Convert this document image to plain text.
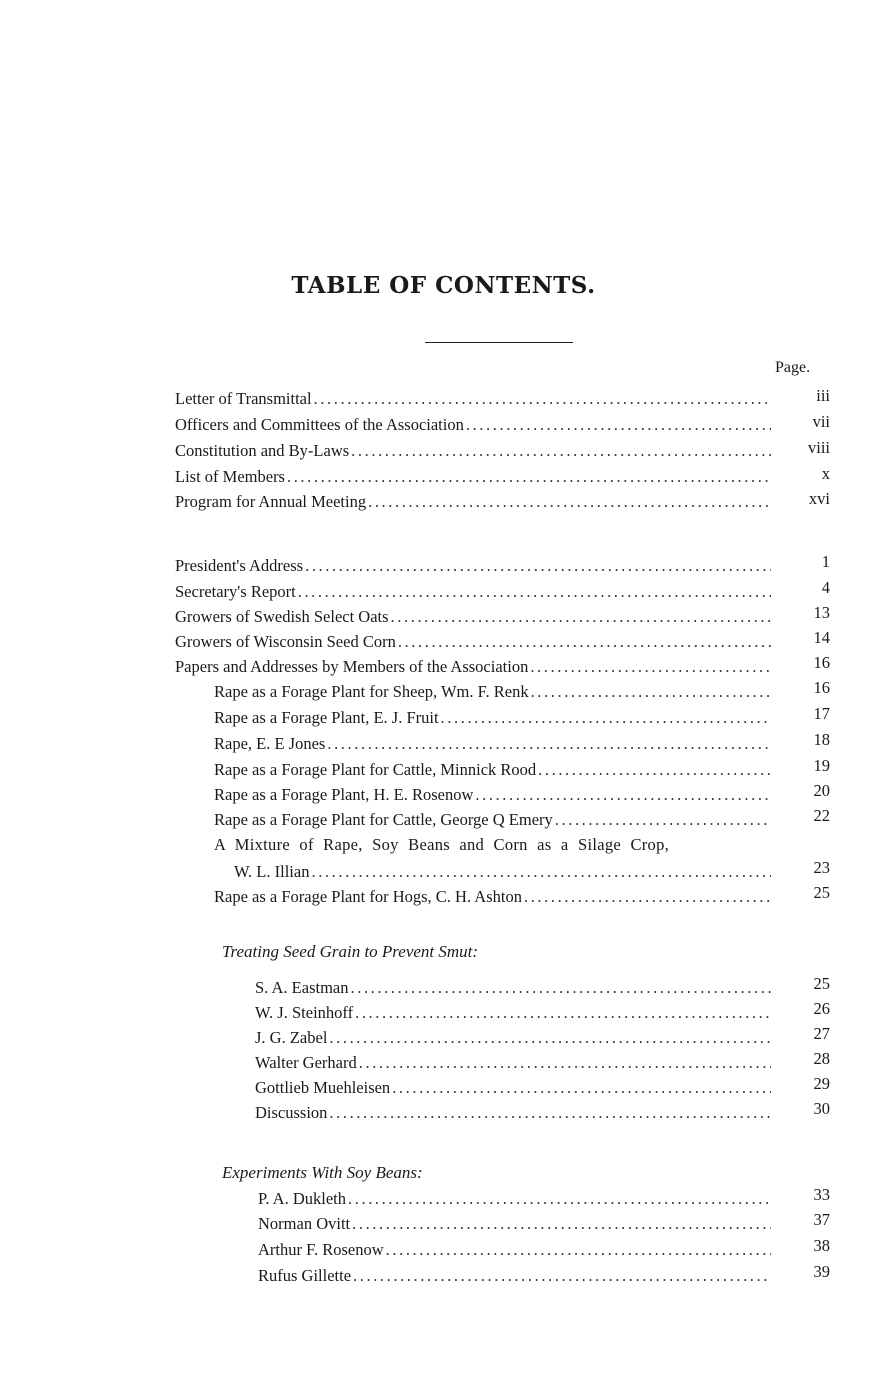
TABLE OF CONTENTS.
Page.
Letter of Transmittal .....	iii
Officers and Committees of the Association .....	vii
Constitution and By-Laws .....	viii
List of Members .....	x
Program for Annual Meeting .....	xvi
President's Address .....	1
Secretary's Report .....	4
Growers of Swedish Select Oats .....	13
Growers of Wisconsin Seed Corn .....	14
Papers and Addresses by Members of the Association .....	16
Rape as a Forage Plant for Sheep, Wm. F. Renk .....	16
Rape as a Forage Plant, E. J. Fruit .....	17
Rape, E. E Jones .....	18
Rape as a Forage Plant for Cattle, Minnick Rood .....	19
Rape as a Forage Plant, H. E. Rosenow .....	20
Rape as a Forage Plant for Cattle, George Q Emery .....	22
A Mixture of Rape, Soy Beans and Corn as a Silage Crop,
W. L. Illian .....	23
Rape as a Forage Plant for Hogs, C. H. Ashton .....	25
Treating Seed Grain to Prevent Smut:
S. A. Eastman .....	25
W. J. Steinhoff .....	26
J. G. Zabel .....	27
Walter Gerhard .....	28
Gottlieb Muehleisen .....	29
Discussion .....	30
Experiments With Soy Beans:
P. A. Dukleth .....	33
Norman Ovitt .....	37
Arthur F. Rosenow .....	38
Rufus Gillette .....	39
